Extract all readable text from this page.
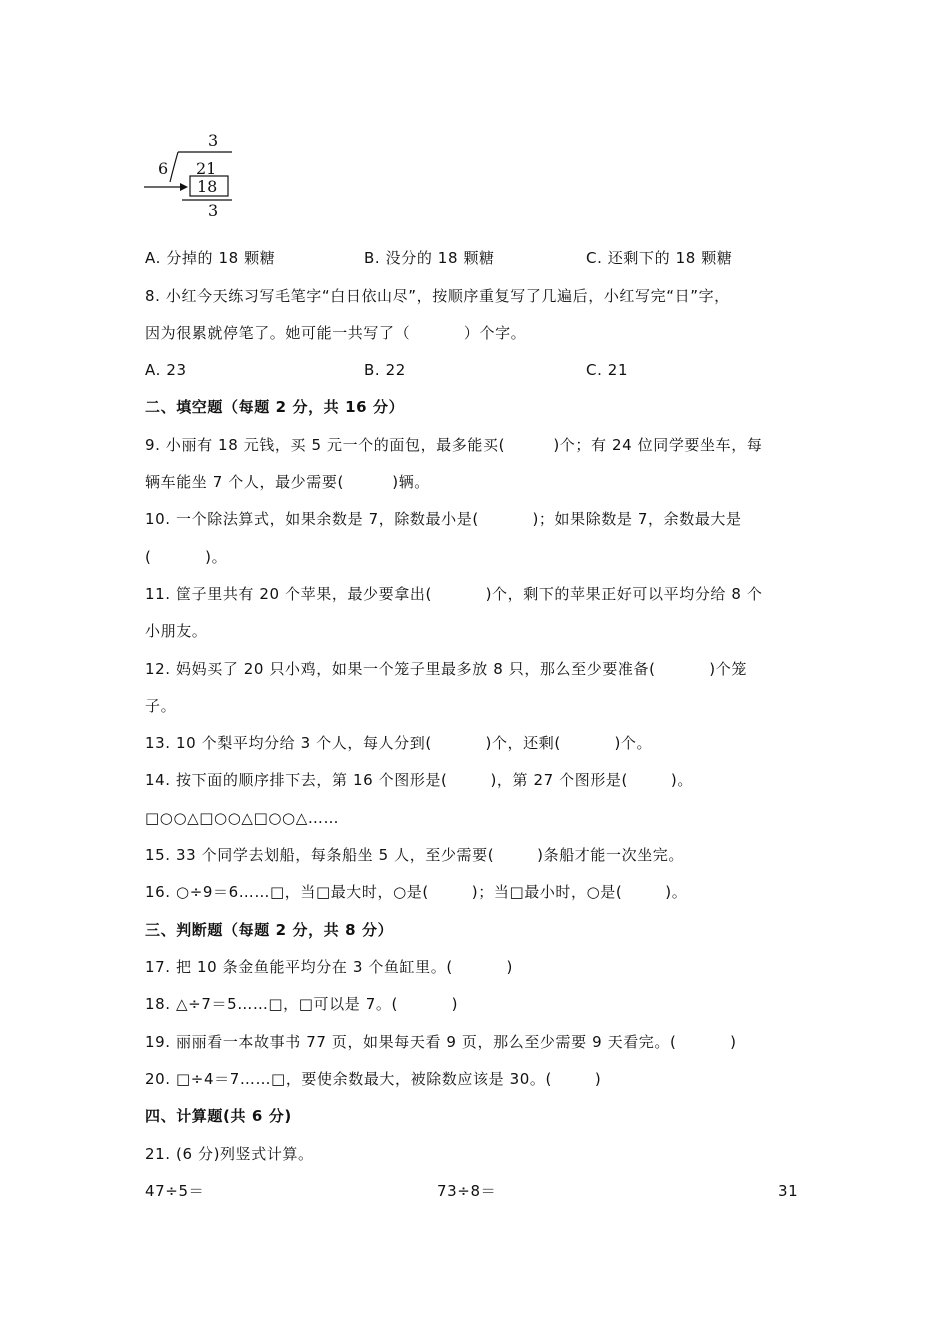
3
6 21
18
3
A. 分掉的 18 颗糖	B. 没分的 18 颗糖	C. 还剩下的 18 颗糖
8. 小红今天练习写毛笔字“白日依山尽”，按顺序重复写了几遍后，小红写完“日”字，
因为很累就停笔了。她可能一共写了（          ）个字。
A. 23	B. 22	C. 21
二、填空题（每题 2 分，共 16 分）
9. 小丽有 18 元钱，买 5 元一个的面包，最多能买(         )个；有 24 位同学要坐车，每
辆车能坐 7 个人，最少需要(         )辆。
10. 一个除法算式，如果余数是 7，除数最小是(          )；如果除数是 7，余数最大是
(          )。
11. 筐子里共有 20 个苹果，最少要拿出(          )个，剩下的苹果正好可以平均分给 8 个
小朋友。
12. 妈妈买了 20 只小鸡，如果一个笼子里最多放 8 只，那么至少要准备(          )个笼
子。
13. 10 个梨平均分给 3 个人，每人分到(          )个，还剩(          )个。
14. 按下面的顺序排下去，第 16 个图形是(        )，第 27 个图形是(        )。
□○○△□○○△□○○△……
15. 33 个同学去划船，每条船坐 5 人，至少需要(        )条船才能一次坐完。
16. ○÷9＝6……□，当□最大时，○是(        )；当□最小时，○是(        )。
三、判断题（每题 2 分，共 8 分）
17. 把 10 条金鱼能平均分在 3 个鱼缸里。(          )
18. △÷7＝5……□，□可以是 7。(          )
19. 丽丽看一本故事书 77 页，如果每天看 9 页，那么至少需要 9 天看完。(          )
20. □÷4＝7……□，要使余数最大，被除数应该是 30。(        )
四、计算题(共 6 分)
21. (6 分)列竖式计算。
47÷5＝	73÷8＝	31
